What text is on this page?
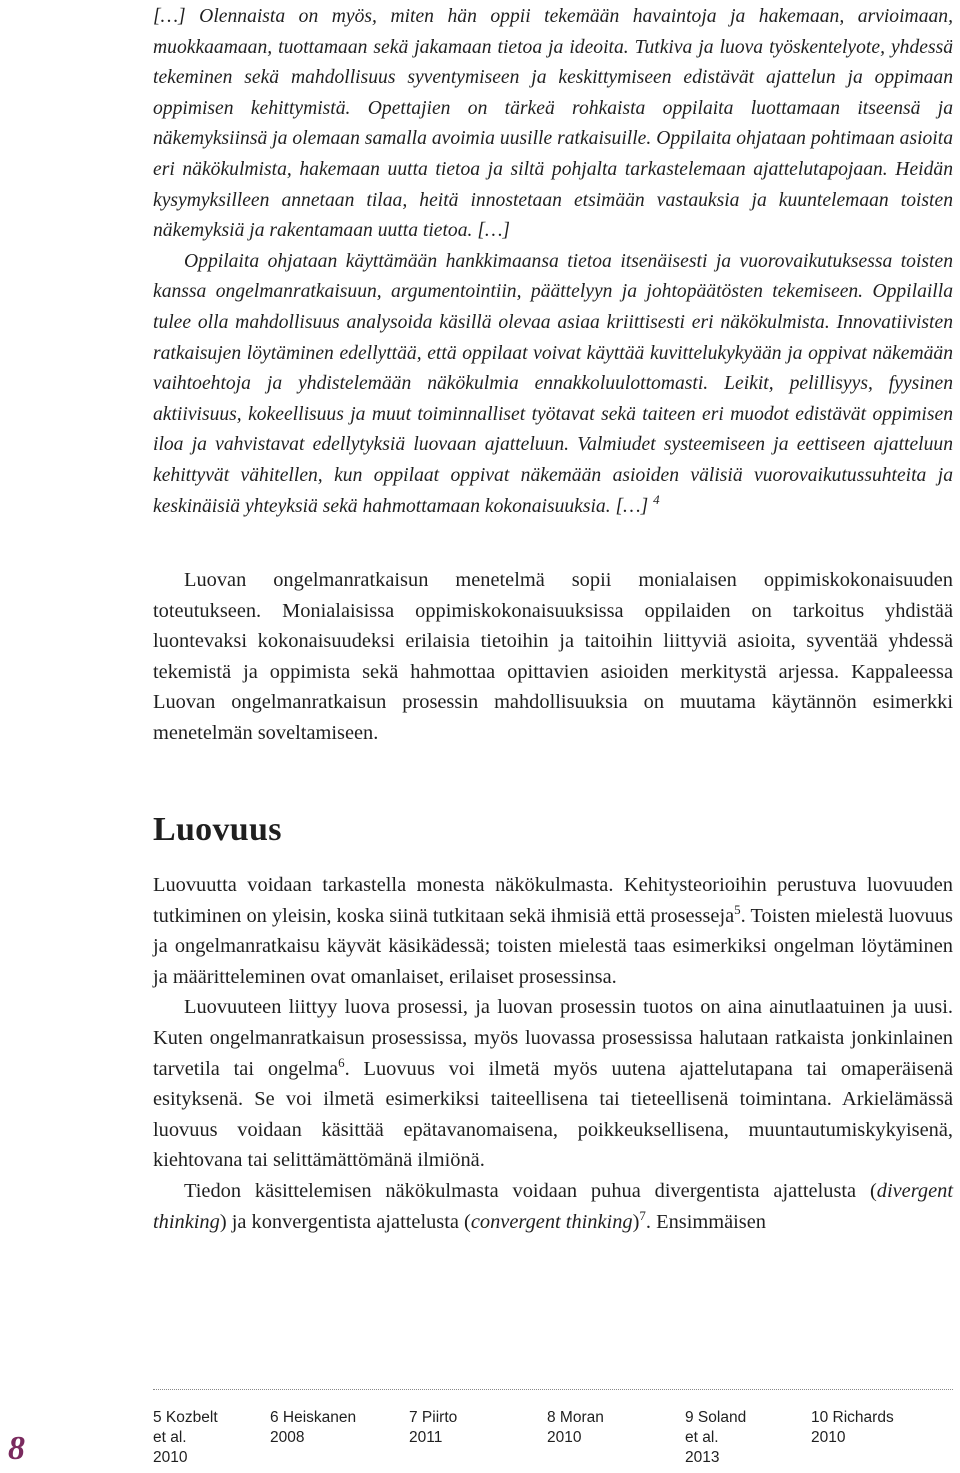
[…] Olennaista on myös, miten hän oppii tekemään havaintoja ja hakemaan, arvioimaan, muokkaamaan, tuottamaan sekä jakamaan tietoa ja ideoita. Tutkiva ja luova työskentelyote, yhdessä tekeminen sekä mahdollisuus syventymiseen ja keskittymiseen edistävät ajattelun ja oppimaan oppimisen kehittymistä. Opettajien on tärkeä rohkaista oppilaita luottamaan itseensä ja näkemyksiinsä ja olemaan samalla avoimia uusille ratkaisuille. Oppilaita ohjataan pohtimaan asioita eri näkökulmista, hakemaan uutta tietoa ja siltä pohjalta tarkastelemaan ajattelutapojaan. Heidän kysymyksilleen annetaan tilaa, heitä innostetaan etsimään vastauksia ja kuuntelemaan toisten näkemyksiä ja rakentamaan uutta tietoa. […]

Oppilaita ohjataan käyttämään hankkimaansa tietoa itsenäisesti ja vuorovaikutuksessa toisten kanssa ongelmanratkaisuun, argumentointiin, päättelyyn ja johtopäätösten tekemiseen. Oppilailla tulee olla mahdollisuus analysoida käsillä olevaa asiaa kriittisesti eri näkökulmista. Innovatiivisten ratkaisujen löytäminen edellyttää, että oppilaat voivat käyttää kuvittelukykyään ja oppivat näkemään vaihtoehtoja ja yhdistelemään näkökulmia ennakkoluulottomasti. Leikit, pelillisyys, fyysinen aktiivisuus, kokeellisuus ja muut toiminnalliset työtavat sekä taiteen eri muodot edistävät oppimisen iloa ja vahvistavat edellytyksiä luovaan ajatteluun. Valmiudet systeemiseen ja eettiseen ajatteluun kehittyvät vähitellen, kun oppilaat oppivat näkemään asioiden välisiä vuorovaikutussuhteita ja keskinäisiä yhteyksiä sekä hahmottamaan kokonaisuuksia. […] $^4$

Luovan ongelmanratkaisun menetelmä sopii monialaisen oppimiskokonaisuuden toteutukseen. Monialaisissa oppimiskokonaisuuksissa oppilaiden on tarkoitus yhdistää luontevaksi kokonaisuudeksi erilaisia tietoihin ja taitoihin liittyviä asioita, syventää yhdessä tekemistä ja oppimista sekä hahmottaa opittavien asioiden merkitystä arjessa. Kappaleessa Luovan ongelmanratkaisun prosessin mahdollisuuksia on muutama käytännön esimerkki menetelmän soveltamiseen.

Luovuus

Luovuutta voidaan tarkastella monesta näkökulmasta. Kehitysteorioihin perustuva luovuuden tutkiminen on yleisin, koska siinä tutkitaan sekä ihmisiä että prosesseja$^5$. Toisten mielestä luovuus ja ongelmanratkaisu käyvät käsikädessä; toisten mielestä taas esimerkiksi ongelman löytäminen ja määritteleminen ovat omanlaiset, erilaiset prosessinsa.

Luovuuteen liittyy luova prosessi, ja luovan prosessin tuotos on aina ainutlaatuinen ja uusi. Kuten ongelmanratkaisun prosessissa, myös luovassa prosessissa halutaan ratkaista jonkinlainen tarvetila tai ongelma$^6$. Luovuus voi ilmetä myös uutena ajattelutapana tai omaperäisenä esityksenä. Se voi ilmetä esimerkiksi taiteellisena tai tieteellisenä toimintana. Arkielämässä luovuus voidaan käsittää epätavanomaisena, poikkeuksellisena, muuntautumiskykyisenä, kiehtovana tai selittämättömänä ilmiönä.

Tiedon käsittelemisen näkökulmasta voidaan puhua divergentista ajattelusta (divergent thinking) ja konvergentista ajattelusta (convergent thinking)$^7$. Ensimmäisen

5 Kozbelt
et al.
2010

6 Heiskanen
2008

7 Piirto
2011

8 Moran
2010

9 Soland
et al.
2013

10 Richards
2010

8
